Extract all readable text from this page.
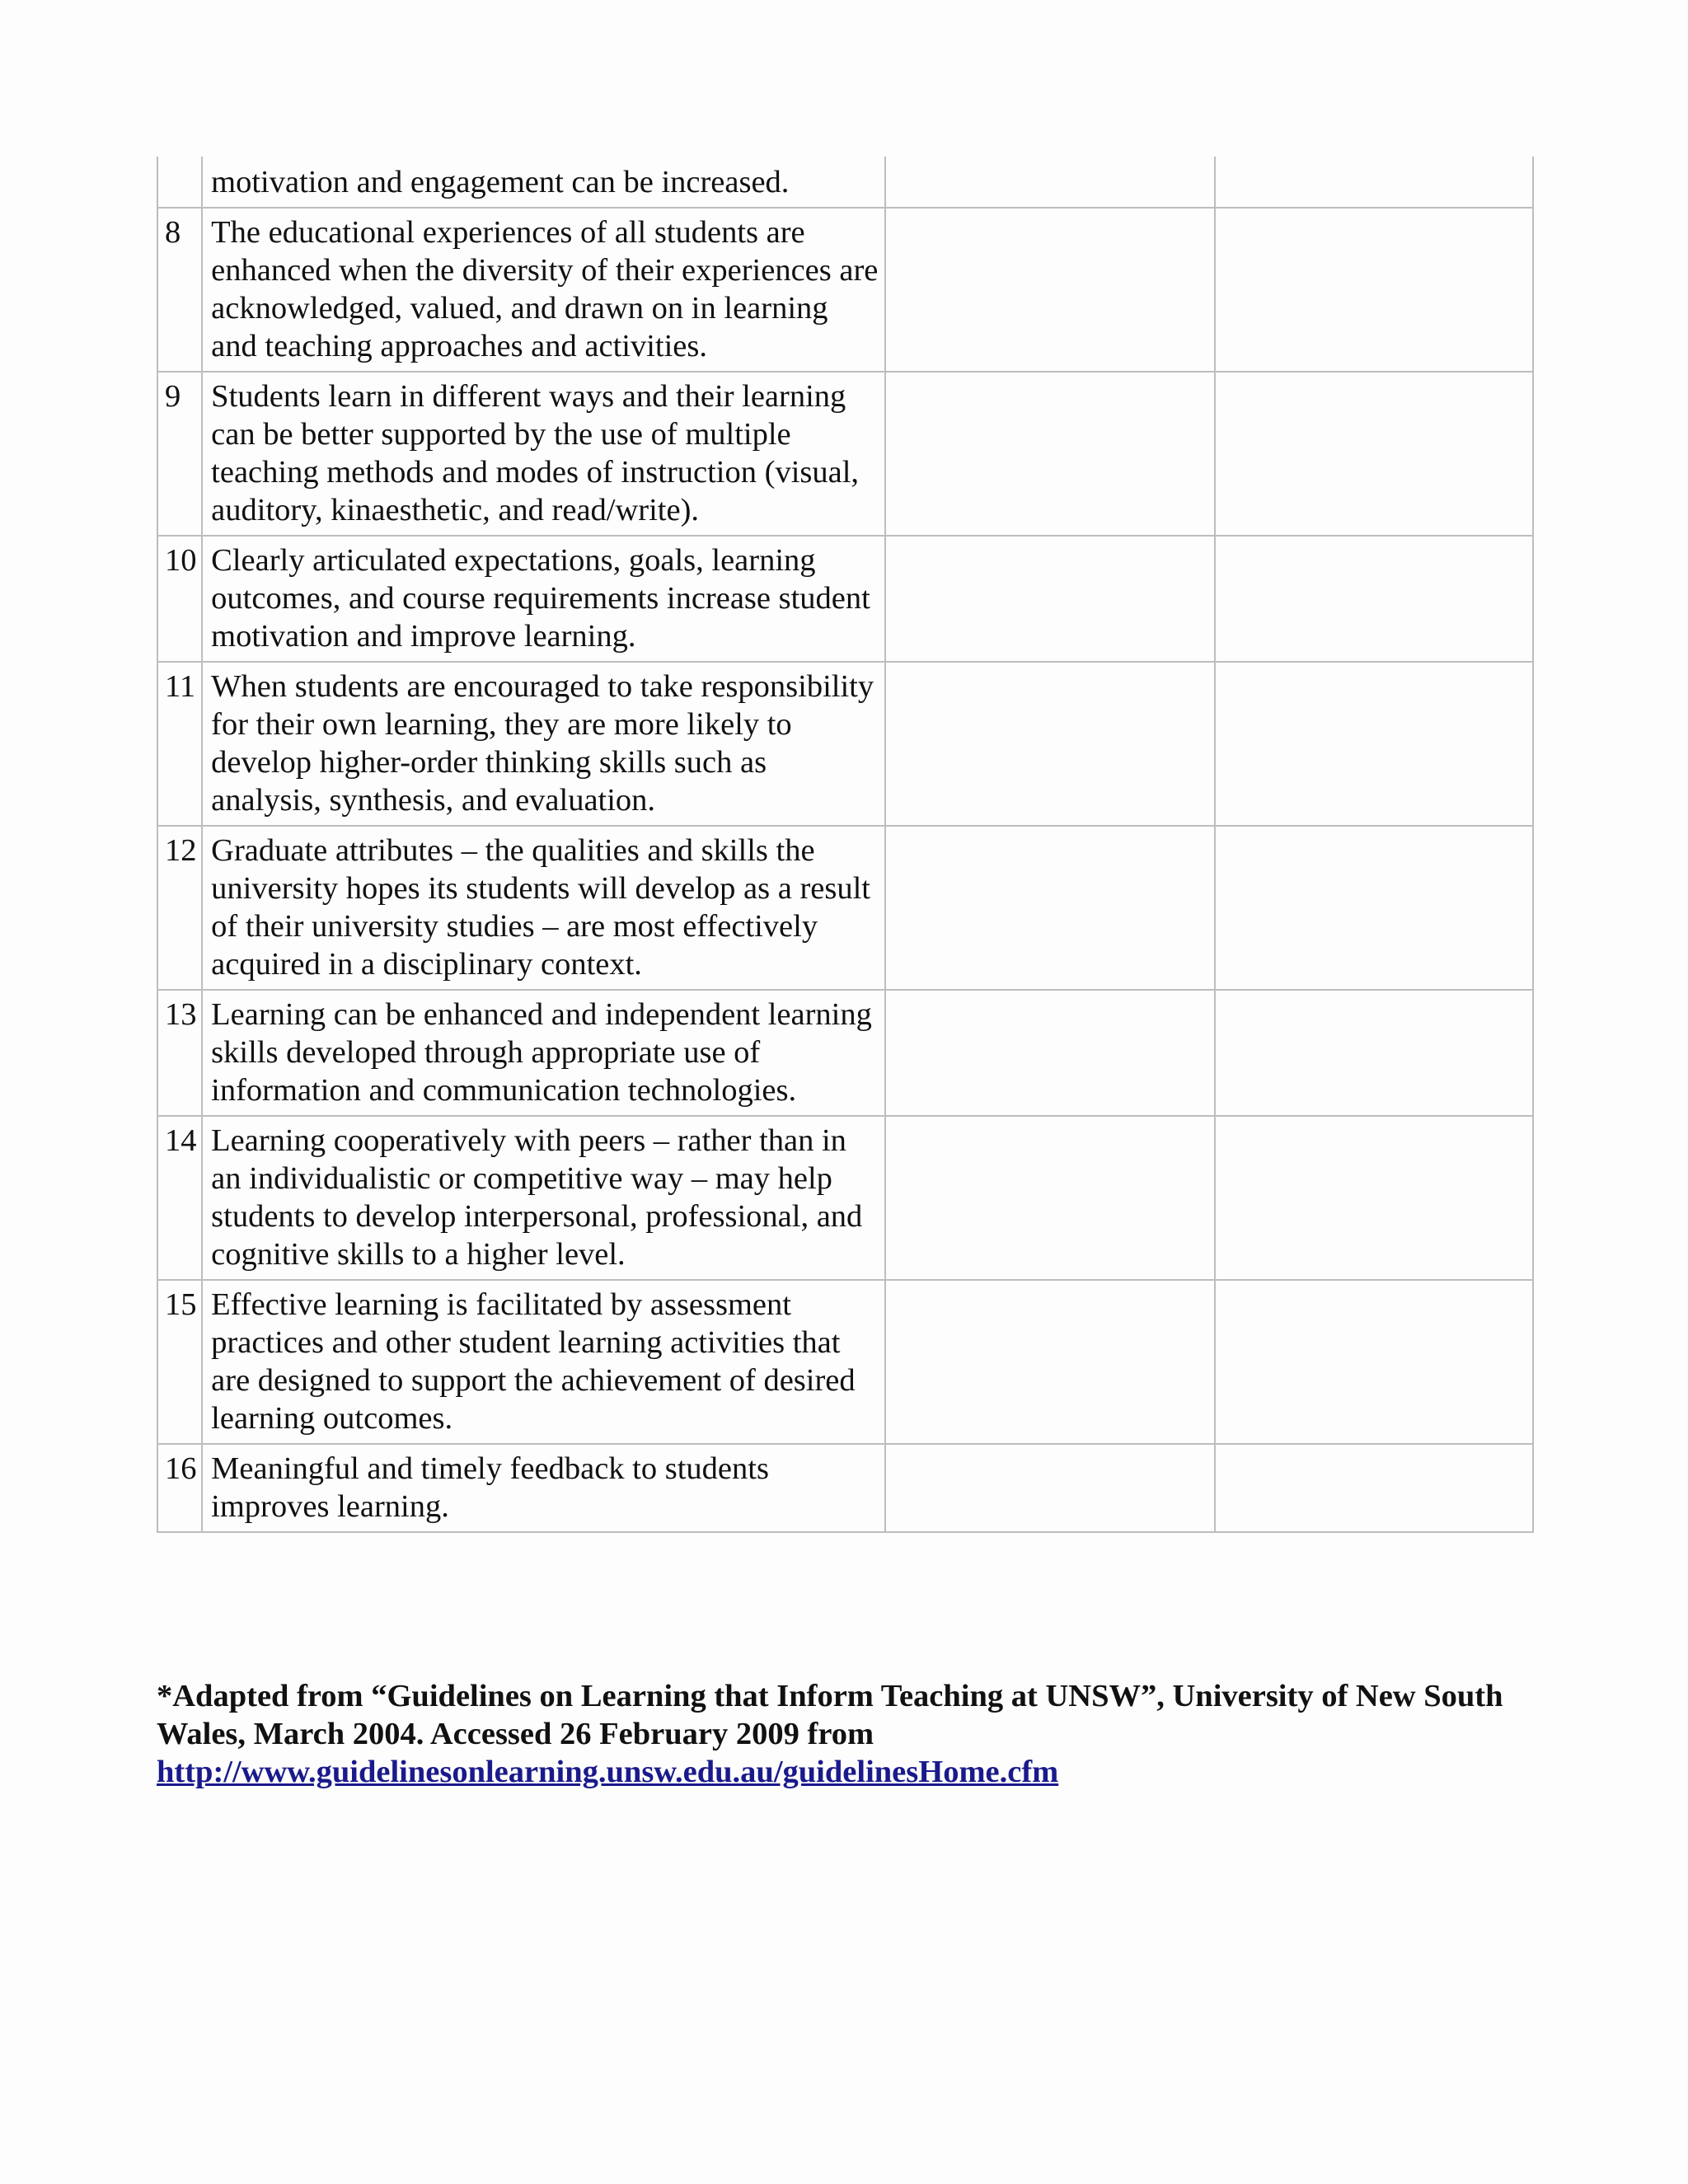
	motivation and engagement can be increased.		
8	The educational experiences of all students are enhanced when the diversity of their experiences are acknowledged, valued, and drawn on in learning and teaching approaches and activities.		
9	Students learn in different ways and their learning can be better supported by the use of multiple teaching methods and modes of instruction (visual, auditory, kinaesthetic, and read/write).		
10	Clearly articulated expectations, goals, learning outcomes, and course requirements increase student motivation and improve learning.		
11	When students are encouraged to take responsibility for their own learning, they are more likely to develop higher-order thinking skills such as analysis, synthesis, and evaluation.		
12	Graduate attributes – the qualities and skills the university hopes its students will develop as a result of their university studies – are most effectively acquired in a disciplinary context.		
13	Learning can be enhanced and independent learning skills developed through appropriate use of information and communication technologies.		
14	Learning cooperatively with peers – rather than in an individualistic or competitive way – may help students to develop interpersonal, professional, and cognitive skills to a higher level.		
15	Effective learning is facilitated by assessment practices and other student learning activities that are designed to support the achievement of desired learning outcomes.		
16	Meaningful and timely feedback to students improves learning.		
*Adapted from “Guidelines on Learning that Inform Teaching at UNSW”, University of New South Wales, March 2004. Accessed 26 February 2009 from
http://www.guidelinesonlearning.unsw.edu.au/guidelinesHome.cfm
